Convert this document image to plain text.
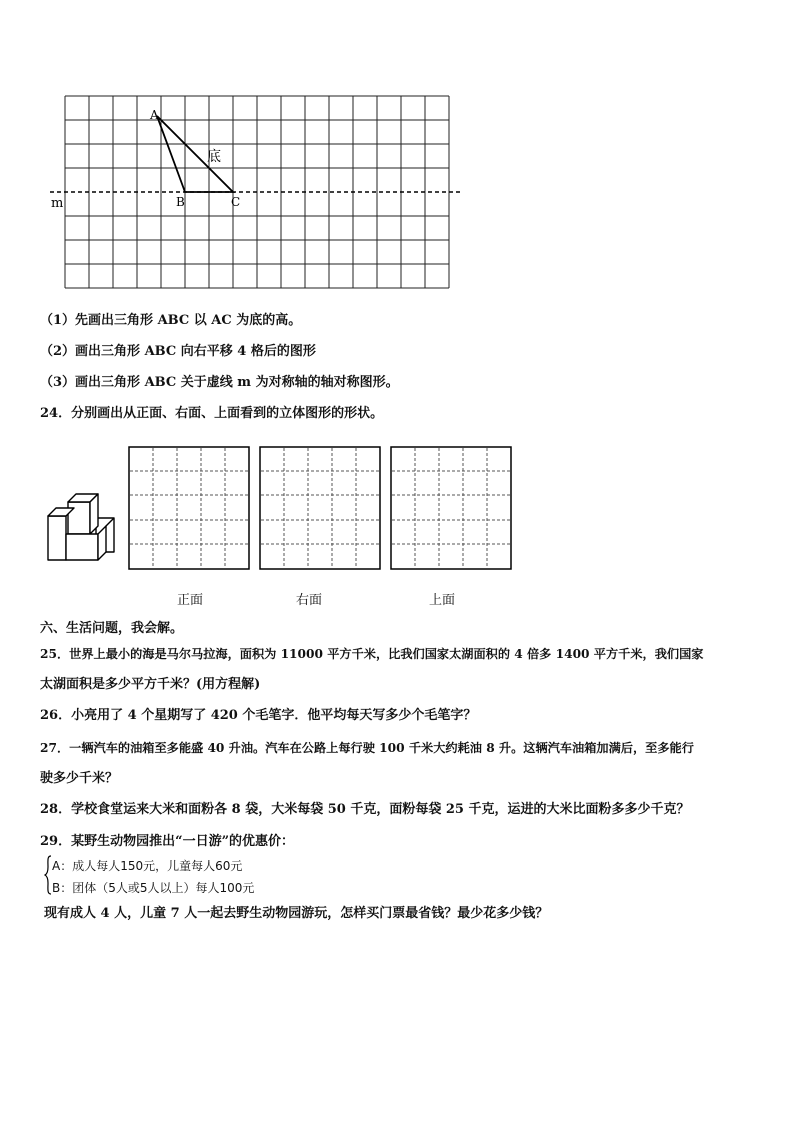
A
B	C
底
m
（1）先画出三角形 ABC 以 AC 为底的高。
（2）画出三角形 ABC 向右平移 4 格后的图形
（3）画出三角形 ABC 关于虚线 m 为对称轴的轴对称图形。
24．分别画出从正面、右面、上面看到的立体图形的形状。
正面	右面	上面
六、生活问题，我会解。
25．世界上最小的海是马尔马拉海，面积为 11000 平方千米，比我们国家太湖面积的 4 倍多 1400 平方千米，我们国家
太湖面积是多少平方千米？(用方程解)
26．小亮用了 4 个星期写了 420 个毛笔字．他平均每天写多少个毛笔字？
27．一辆汽车的油箱至多能盛 40 升油。汽车在公路上每行驶 100 千米大约耗油 8 升。这辆汽车油箱加满后，至多能行
驶多少千米？
28．学校食堂运来大米和面粉各 8 袋，大米每袋 50 千克，面粉每袋 25 千克，运进的大米比面粉多多少千克？
29．某野生动物园推出“一日游”的优惠价：
A：成人每人150元，儿童每人60元
B：团体（5人或5人以上）每人100元
现有成人 4 人，儿童 7 人一起去野生动物园游玩，怎样买门票最省钱？最少花多少钱？
